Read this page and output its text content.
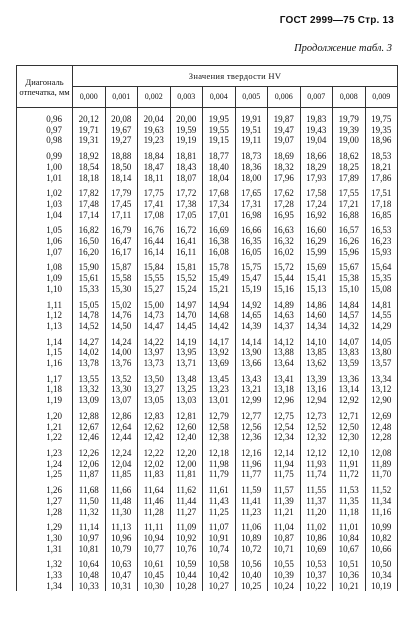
ГОСТ 2999—75 Стр. 13
Продолжение табл. 3
Диагональ отпечатка, мм	Значения твердости HV									
	0,000	0,001	0,002	0,003	0,004	0,005	0,006	0,007	0,008	0,009
0,96	20,12	20,08	20,04	20,00	19,95	19,91	19,87	19,83	19,79	19,75
0,97	19,71	19,67	19,63	19,59	19,55	19,51	19,47	19,43	19,39	19,35
0,98	19,31	19,27	19,23	19,19	19,15	19,11	19,07	19,04	19,00	18,96
0,99	18,92	18,88	18,84	18,81	18,77	18,73	18,69	18,66	18,62	18,53
1,00	18,54	18,50	18,47	18,43	18,40	18,36	18,32	18,29	18,25	18,21
1,01	18,18	18,14	18,11	18,07	18,04	18,00	17,96	17,93	17,89	17,86
1,02	17,82	17,79	17,75	17,72	17,68	17,65	17,62	17,58	17,55	17,51
1,03	17,48	17,45	17,41	17,38	17,34	17,31	17,28	17,24	17,21	17,18
1,04	17,14	17,11	17,08	17,05	17,01	16,98	16,95	16,92	16,88	16,85
1,05	16,82	16,79	16,76	16,72	16,69	16,66	16,63	16,60	16,57	16,53
1,06	16,50	16,47	16,44	16,41	16,38	16,35	16,32	16,29	16,26	16,23
1,07	16,20	16,17	16,14	16,11	16,08	16,05	16,02	15,99	15,96	15,93
1,08	15,90	15,87	15,84	15,81	15,78	15,75	15,72	15,69	15,67	15,64
1,09	15,61	15,58	15,55	15,52	15,49	15,47	15,44	15,41	15,38	15,35
1,10	15,33	15,30	15,27	15,24	15,21	15,19	15,16	15,13	15,10	15,08
1,11	15,05	15,02	15,00	14,97	14,94	14,92	14,89	14,86	14,84	14,81
1,12	14,78	14,76	14,73	14,70	14,68	14,65	14,63	14,60	14,57	14,55
1,13	14,52	14,50	14,47	14,45	14,42	14,39	14,37	14,34	14,32	14,29
1,14	14,27	14,24	14,22	14,19	14,17	14,14	14,12	14,10	14,07	14,05
1,15	14,02	14,00	13,97	13,95	13,92	13,90	13,88	13,85	13,83	13,80
1,16	13,78	13,76	13,73	13,71	13,69	13,66	13,64	13,62	13,59	13,57
1,17	13,55	13,52	13,50	13,48	13,45	13,43	13,41	13,39	13,36	13,34
1,18	13,32	13,30	13,27	13,25	13,23	13,21	13,18	13,16	13,14	13,12
1,19	13,09	13,07	13,05	13,03	13,01	12,99	12,96	12,94	12,92	12,90
1,20	12,88	12,86	12,83	12,81	12,79	12,77	12,75	12,73	12,71	12,69
1,21	12,67	12,64	12,62	12,60	12,58	12,56	12,54	12,52	12,50	12,48
1,22	12,46	12,44	12,42	12,40	12,38	12,36	12,34	12,32	12,30	12,28
1,23	12,26	12,24	12,22	12,20	12,18	12,16	12,14	12,12	12,10	12,08
1,24	12,06	12,04	12,02	12,00	11,98	11,96	11,94	11,93	11,91	11,89
1,25	11,87	11,85	11,83	11,81	11,79	11,77	11,75	11,74	11,72	11,70
1,26	11,68	11,66	11,64	11,62	11,61	11,59	11,57	11,55	11,53	11,52
1,27	11,50	11,48	11,46	11,44	11,43	11,41	11,39	11,37	11,35	11,34
1,28	11,32	11,30	11,28	11,27	11,25	11,23	11,21	11,20	11,18	11,16
1,29	11,14	11,13	11,11	11,09	11,07	11,06	11,04	11,02	11,01	10,99
1,30	10,97	10,96	10,94	10,92	10,91	10,89	10,87	10,86	10,84	10,82
1,31	10,81	10,79	10,77	10,76	10,74	10,72	10,71	10,69	10,67	10,66
1,32	10,64	10,63	10,61	10,59	10,58	10,56	10,55	10,53	10,51	10,50
1,33	10,48	10,47	10,45	10,44	10,42	10,40	10,39	10,37	10,36	10,34
1,34	10,33	10,31	10,30	10,28	10,27	10,25	10,24	10,22	10,21	10,19
